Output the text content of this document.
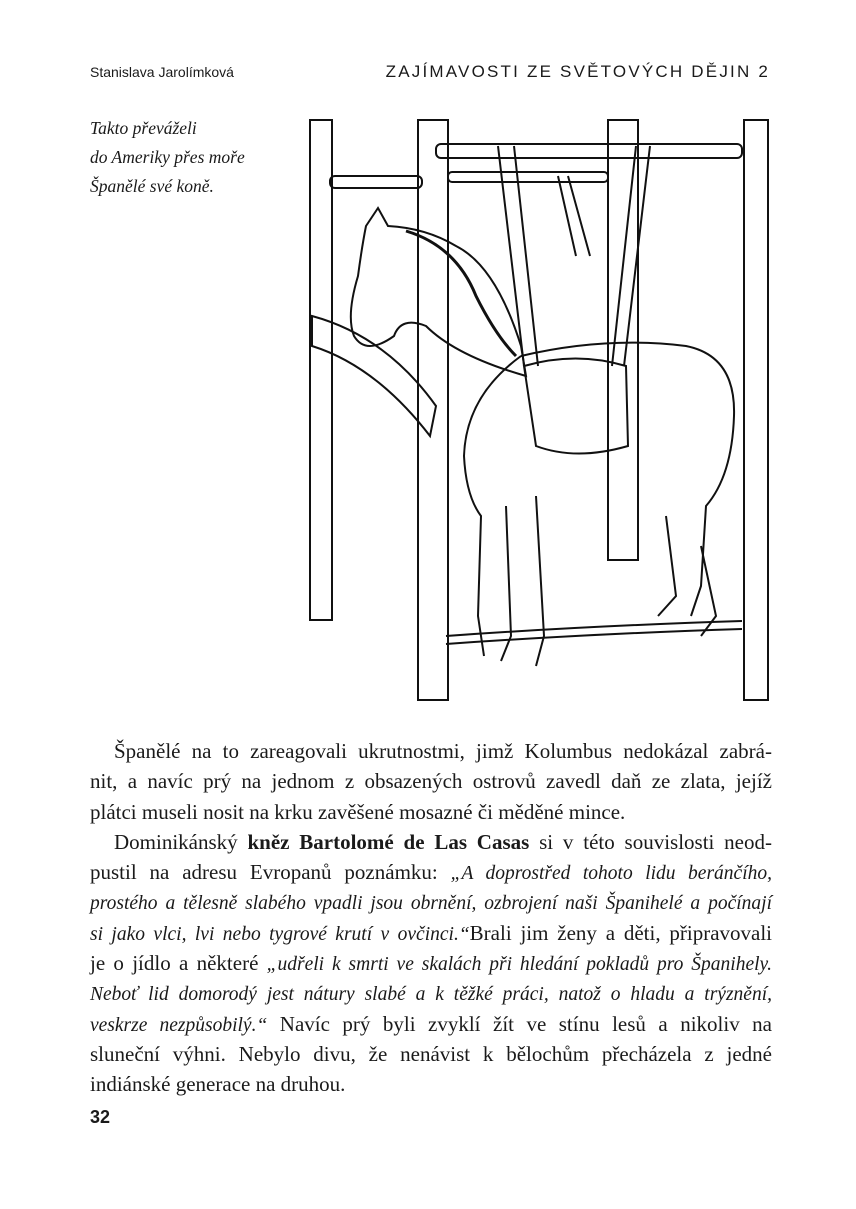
Stanislava Jarolímková	ZAJÍMAVOSTI ZE SVĚTOVÝCH DĚJIN 2
Takto převáželi
do Ameriky přes moře
Španělé své koně.
Španělé na to zareagovali ukrutnostmi, jimž Kolumbus nedokázal zabrá-
nit, a navíc prý na jednom z obsazených ostrovů zavedl daň ze zlata, jejíž
plátci museli nosit na krku zavěšené mosazné či měděné mince.
Dominikánský kněz Bartolomé de Las Casas si v této souvislosti neod-
pustil na adresu Evropanů poznámku: „A doprostřed tohoto lidu beránčího,
prostého a tělesně slabého vpadli jsou obrnění, ozbrojení naši Španihelé a počínají
si jako vlci, lvi nebo tygrové krutí v ovčinci.“Brali jim ženy a děti, připravovali
je o jídlo a některé „udřeli k smrti ve skalách při hledání pokladů pro Španihely.
Neboť lid domorodý jest nátury slabé a k těžké práci, natož o hladu a trýznění,
veskrze nezpůsobilý.“ Navíc prý byli zvyklí žít ve stínu lesů a nikoliv na
sluneční výhni. Nebylo divu, že nenávist k bělochům přecházela z jedné
indiánské generace na druhou.
32
